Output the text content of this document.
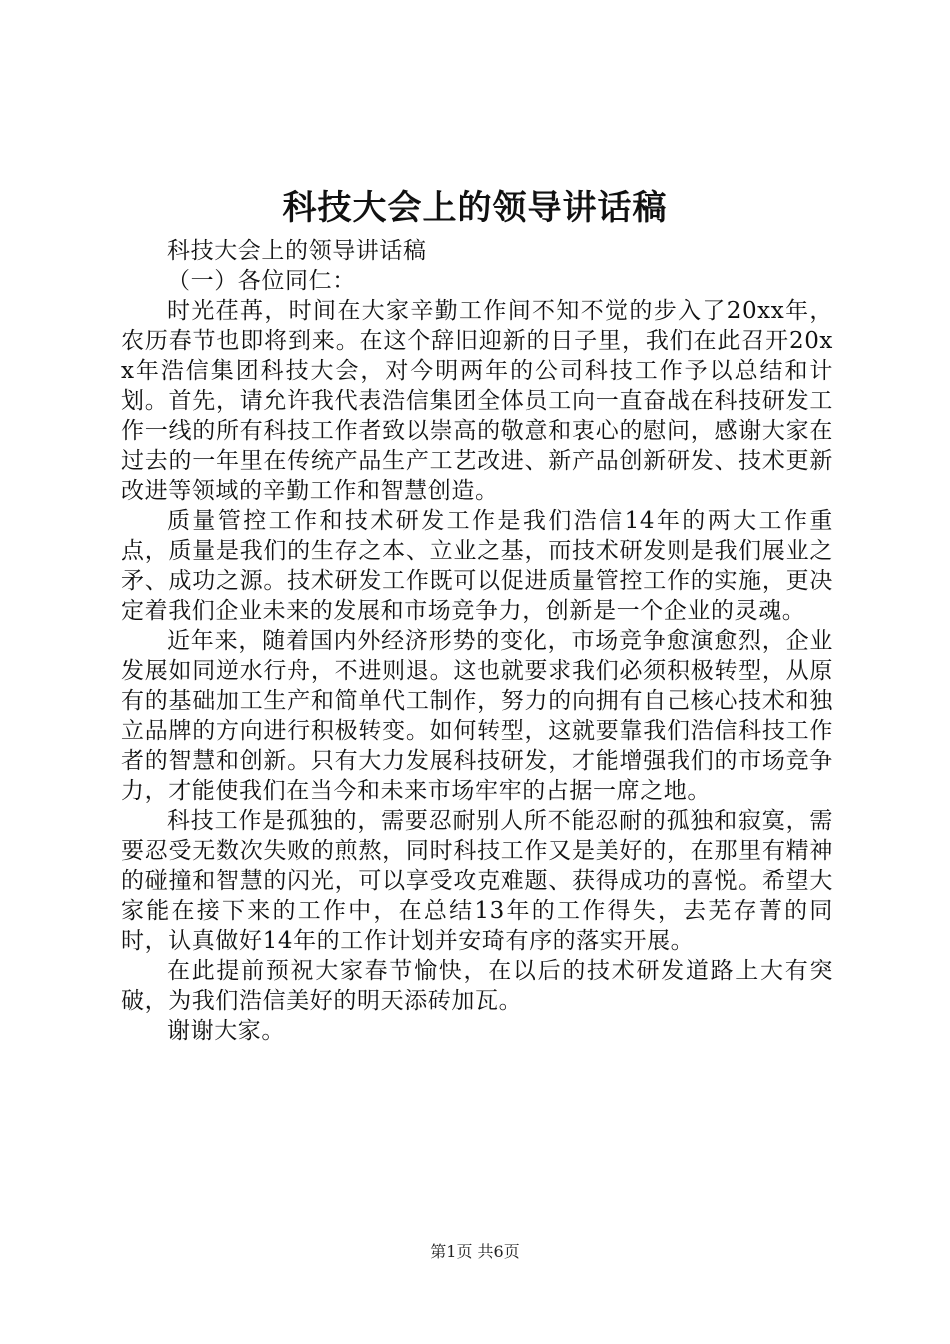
科技大会上的领导讲话稿

科技大会上的领导讲话稿

（一）各位同仁：

时光荏苒，时间在大家辛勤工作间不知不觉的步入了20xx年，农历春节也即将到来。在这个辞旧迎新的日子里，我们在此召开20xx年浩信集团科技大会，对今明两年的公司科技工作予以总结和计划。首先，请允许我代表浩信集团全体员工向一直奋战在科技研发工作一线的所有科技工作者致以崇高的敬意和衷心的慰问，感谢大家在过去的一年里在传统产品生产工艺改进、新产品创新研发、技术更新改进等领域的辛勤工作和智慧创造。

质量管控工作和技术研发工作是我们浩信14年的两大工作重点，质量是我们的生存之本、立业之基，而技术研发则是我们展业之矛、成功之源。技术研发工作既可以促进质量管控工作的实施，更决定着我们企业未来的发展和市场竞争力，创新是一个企业的灵魂。

近年来，随着国内外经济形势的变化，市场竞争愈演愈烈，企业发展如同逆水行舟，不进则退。这也就要求我们必须积极转型，从原有的基础加工生产和简单代工制作，努力的向拥有自己核心技术和独立品牌的方向进行积极转变。如何转型，这就要靠我们浩信科技工作者的智慧和创新。只有大力发展科技研发，才能增强我们的市场竞争力，才能使我们在当今和未来市场牢牢的占据一席之地。

科技工作是孤独的，需要忍耐别人所不能忍耐的孤独和寂寞，需要忍受无数次失败的煎熬，同时科技工作又是美好的，在那里有精神的碰撞和智慧的闪光，可以享受攻克难题、获得成功的喜悦。希望大家能在接下来的工作中，在总结13年的工作得失，去芜存菁的同时，认真做好14年的工作计划并安琦有序的落实开展。

在此提前预祝大家春节愉快，在以后的技术研发道路上大有突破，为我们浩信美好的明天添砖加瓦。

谢谢大家。

第1页 共6页
